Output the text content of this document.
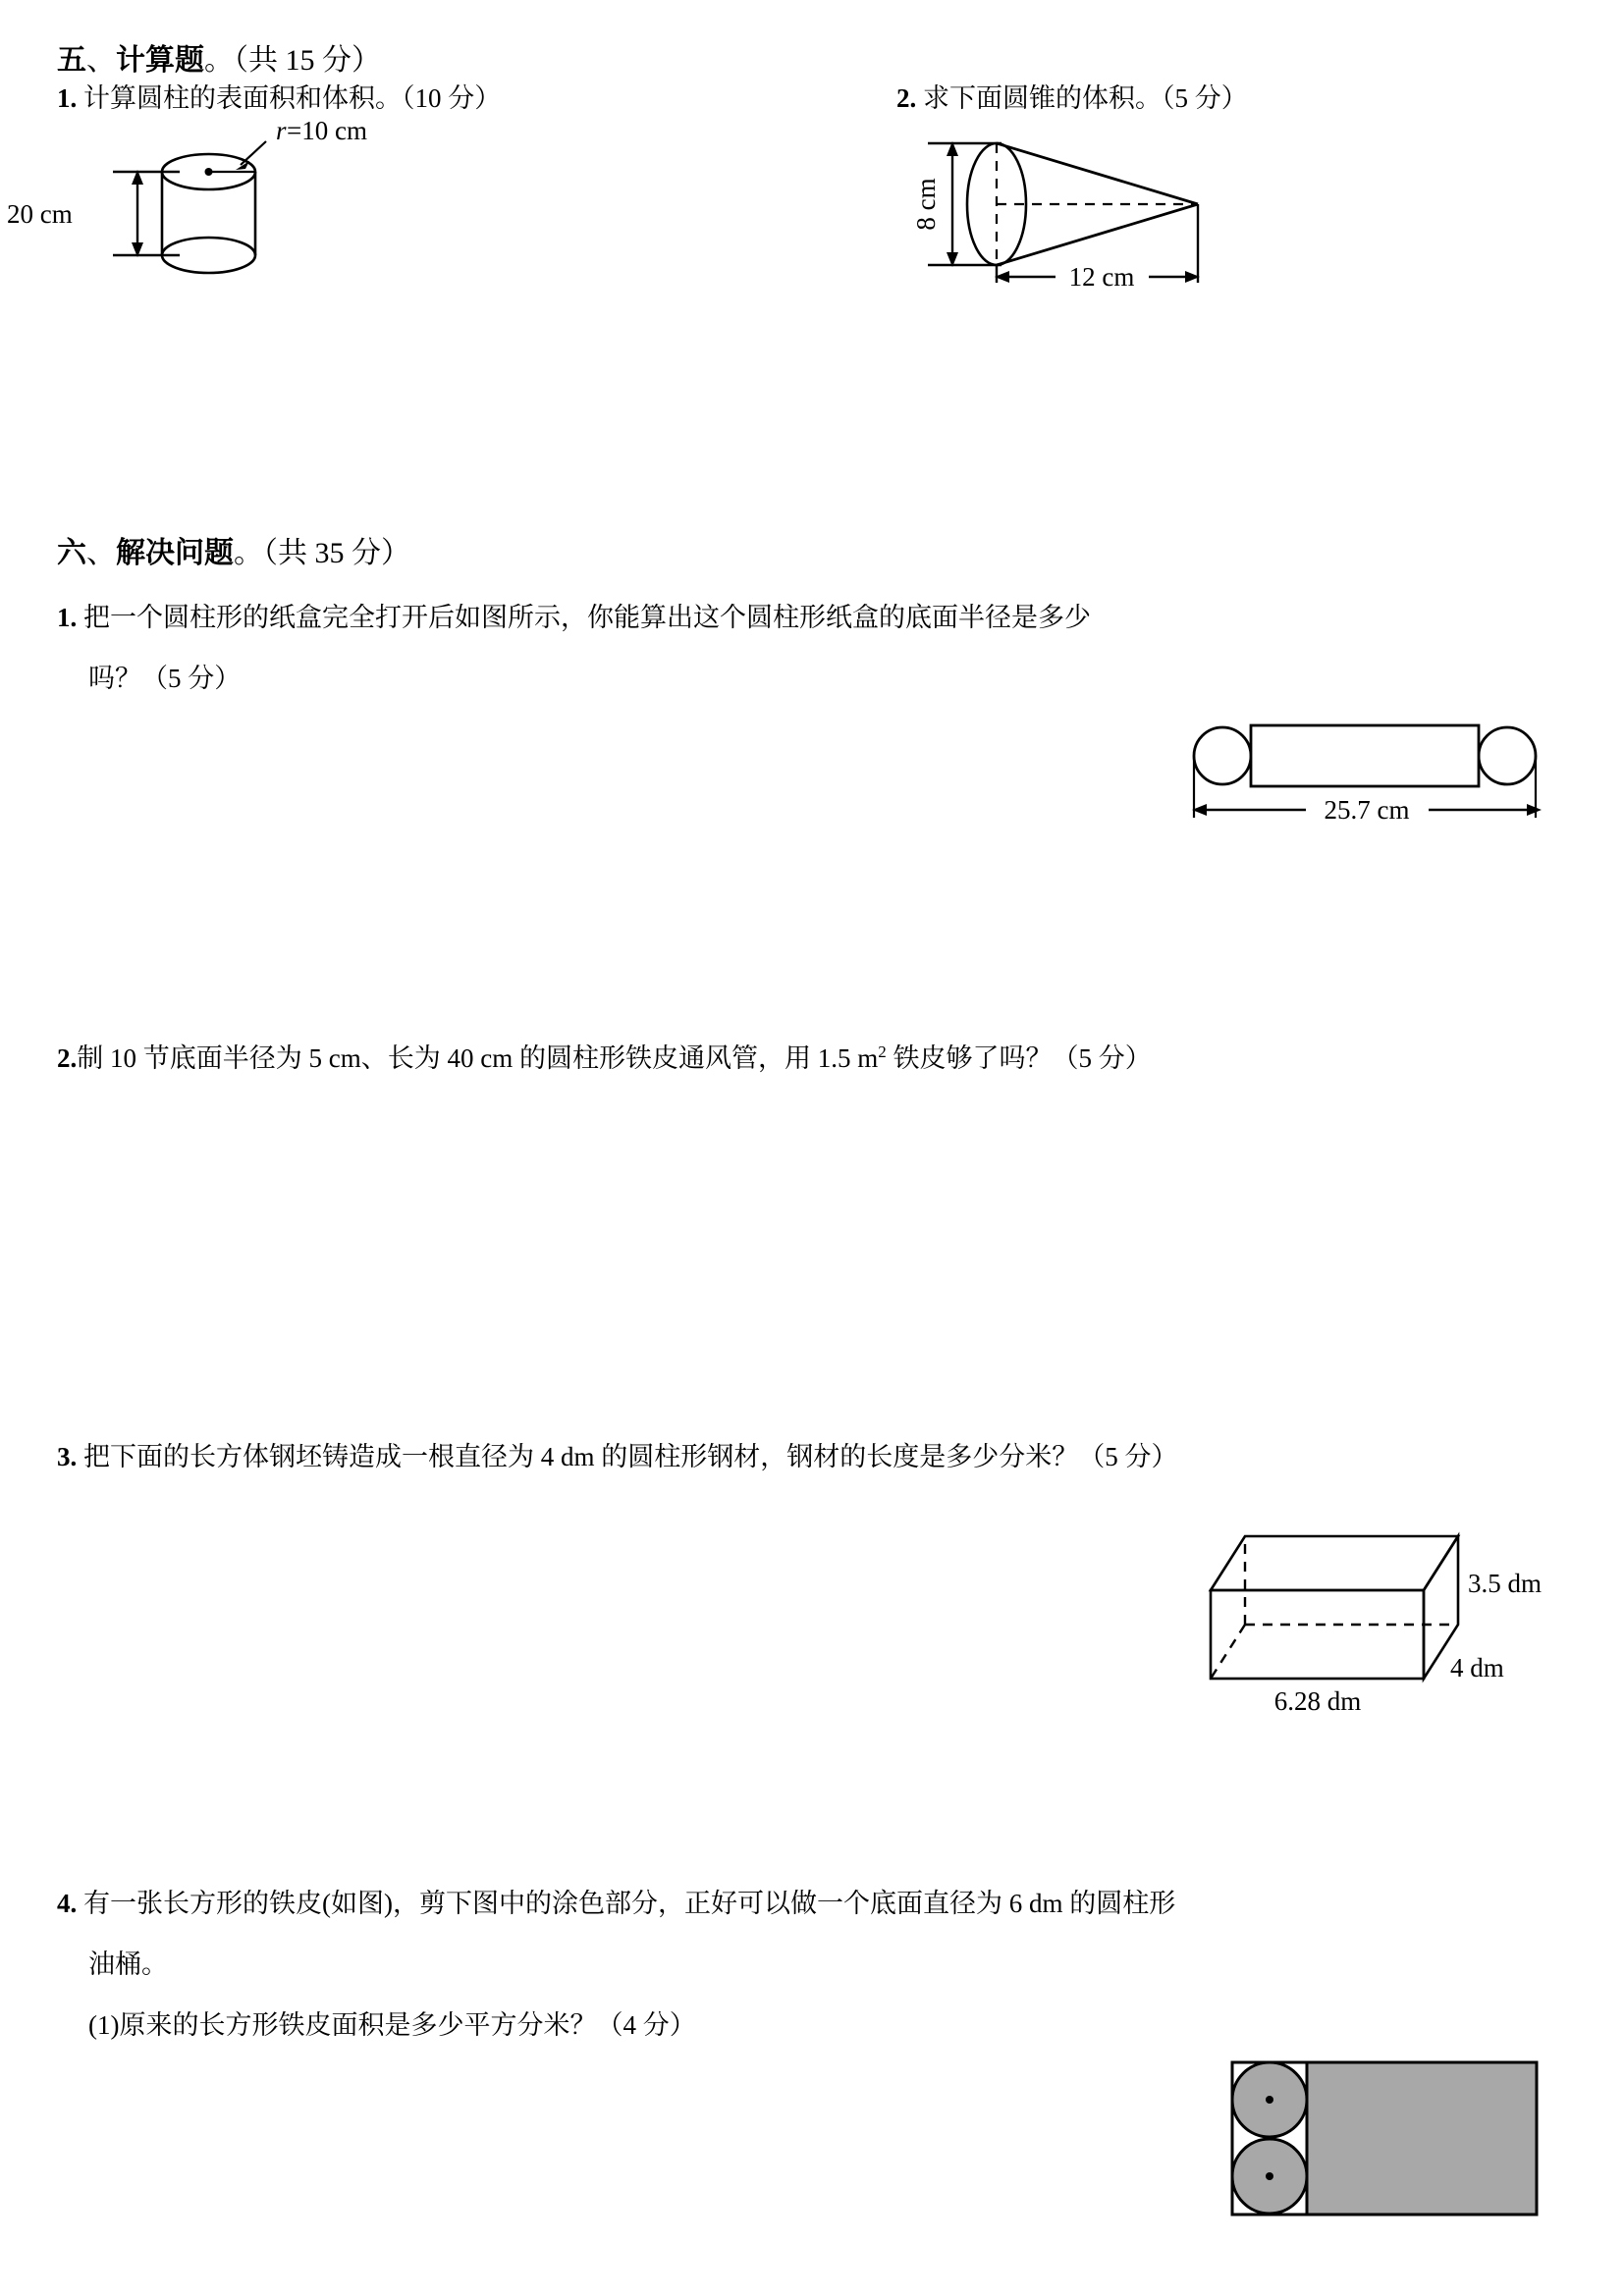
五、计算题。（共 15 分）
1. 计算圆柱的表面积和体积。（10 分）	2. 求下面圆锥的体积。（5 分）
r =10 cm
20 cm	8 cm
12 cm
六、解决问题。（共 35 分）
1. 把一个圆柱形的纸盒完全打开后如图所示，你能算出这个圆柱形纸盒的底面半径是多少
吗？（5 分）
25.7 cm
2.制 10 节底面半径为 5 cm、长为 40 cm 的圆柱形铁皮通风管，用 1.5 $m^2$ 铁皮够了吗？（5 分）
3. 把下面的长方体钢坯铸造成一根直径为 4 dm 的圆柱形钢材，钢材的长度是多少分米？（5 分）
3.5 dm
4 dm
6.28 dm
4. 有一张长方形的铁皮(如图)，剪下图中的涂色部分，正好可以做一个底面直径为 6 dm 的圆柱形
油桶。
(1)原来的长方形铁皮面积是多少平方分米？（4 分）
